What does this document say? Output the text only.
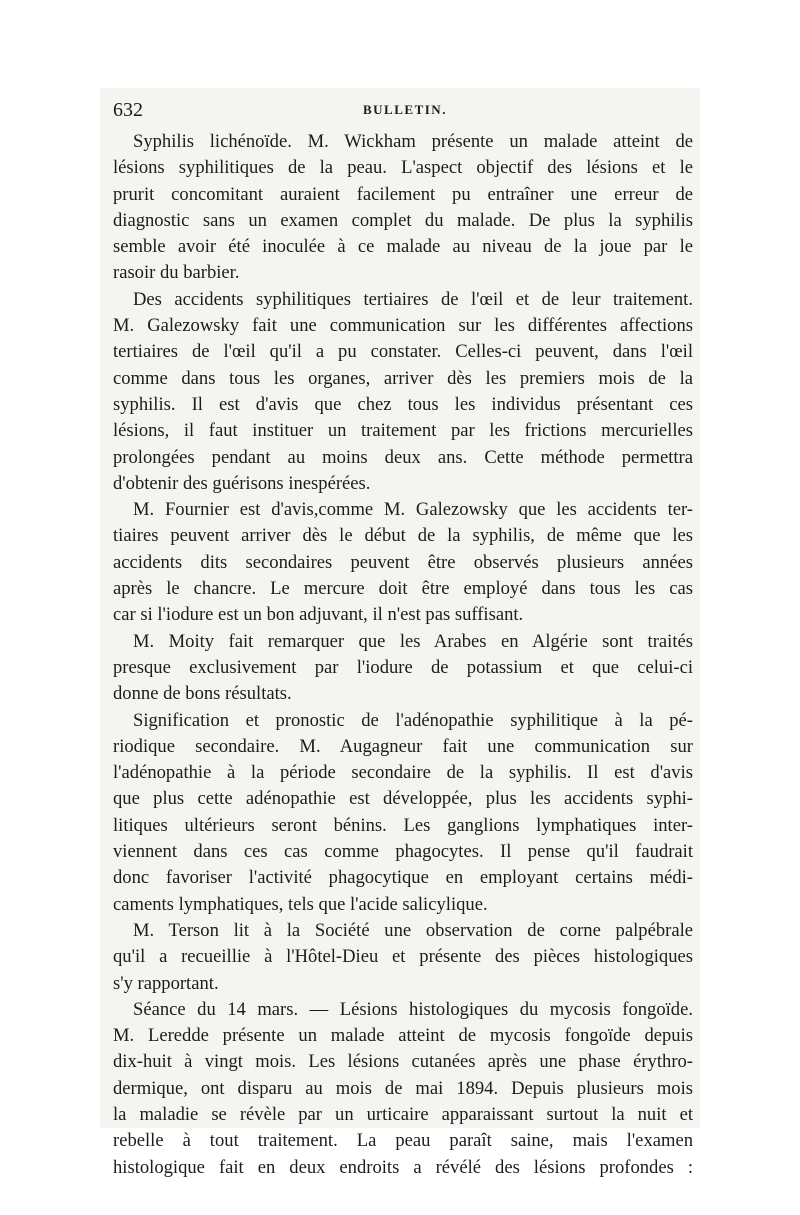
632	BULLETIN.
Syphilis lichénoïde. M. Wickham présente un malade atteint de
lésions syphilitiques de la peau. L'aspect objectif des lésions et le
prurit concomitant auraient facilement pu entraîner une erreur de
diagnostic sans un examen complet du malade. De plus la syphilis
semble avoir été inoculée à ce malade au niveau de la joue par le
rasoir du barbier.
Des accidents syphilitiques tertiaires de l'œil et de leur traitement.
M. Galezowsky fait une communication sur les différentes affections
tertiaires de l'œil qu'il a pu constater. Celles-ci peuvent, dans l'œil
comme dans tous les organes, arriver dès les premiers mois de la
syphilis. Il est d'avis que chez tous les individus présentant ces
lésions, il faut instituer un traitement par les frictions mercurielles
prolongées pendant au moins deux ans. Cette méthode permettra
d'obtenir des guérisons inespérées.
M. Fournier est d'avis,comme M. Galezowsky que les accidents ter-
tiaires peuvent arriver dès le début de la syphilis, de même que les
accidents dits secondaires peuvent être observés plusieurs années
après le chancre. Le mercure doit être employé dans tous les cas
car si l'iodure est un bon adjuvant, il n'est pas suffisant.
M. Moity fait remarquer que les Arabes en Algérie sont traités
presque exclusivement par l'iodure de potassium et que celui-ci
donne de bons résultats.
Signification et pronostic de l'adénopathie syphilitique à la pé-
riodique secondaire. M. Augagneur fait une communication sur
l'adénopathie à la période secondaire de la syphilis. Il est d'avis
que plus cette adénopathie est développée, plus les accidents syphi-
litiques ultérieurs seront bénins. Les ganglions lymphatiques inter-
viennent dans ces cas comme phagocytes. Il pense qu'il faudrait
donc favoriser l'activité phagocytique en employant certains médi-
caments lymphatiques, tels que l'acide salicylique.
M. Terson lit à la Société une observation de corne palpébrale
qu'il a recueillie à l'Hôtel-Dieu et présente des pièces histologiques
s'y rapportant.
Séance du 14 mars. — Lésions histologiques du mycosis fongoïde.
M. Leredde présente un malade atteint de mycosis fongoïde depuis
dix-huit à vingt mois. Les lésions cutanées après une phase érythro-
dermique, ont disparu au mois de mai 1894. Depuis plusieurs mois
la maladie se révèle par un urticaire apparaissant surtout la nuit et
rebelle à tout traitement. La peau paraît saine, mais l'examen
histologique fait en deux endroits a révélé des lésions profondes :
